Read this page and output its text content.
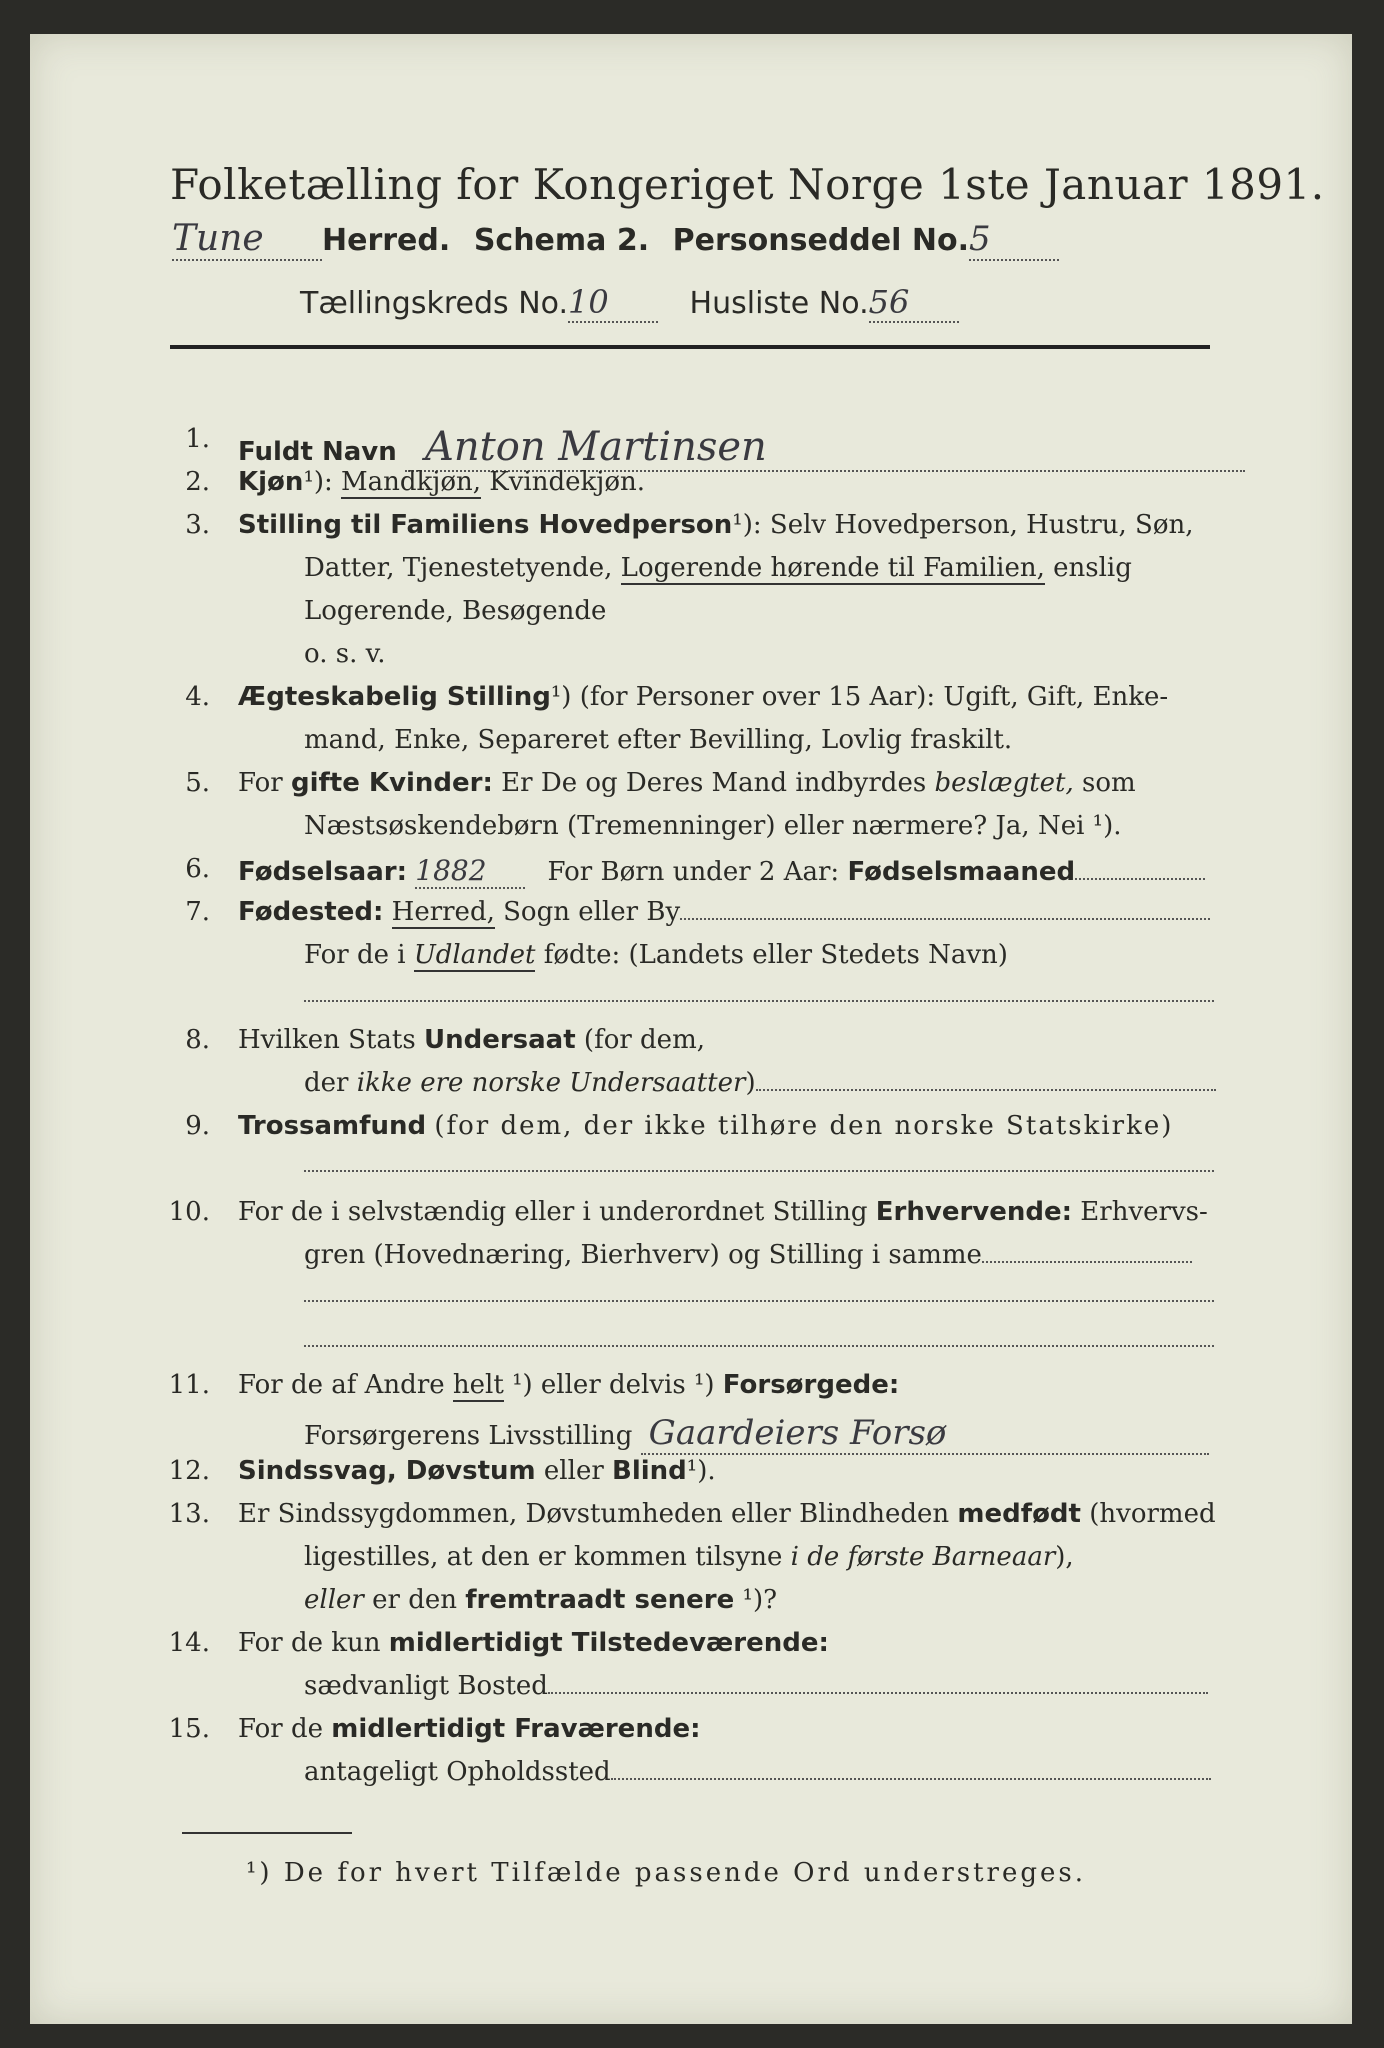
Folketælling for Kongeriget Norge 1ste Januar 1891.
Tune Herred. Schema 2. Personseddel No.5
Tællingskreds No.10	Husliste No.56
1. Fuldt Navn Anton Martinsen
2. Kjøn¹): Mandkjøn, Kvindekjøn.
3. Stilling til Familiens Hovedperson¹): Selv Hovedperson, Hustru, Søn,
Datter, Tjenestetyende, Logerende hørende til Familien, enslig
Logerende, Besøgende
o. s. v.
4. Ægteskabelig Stilling¹) (for Personer over 15 Aar): Ugift, Gift, Enke-
mand, Enke, Separeret efter Bevilling, Lovlig fraskilt.
5. For gifte Kvinder: Er De og Deres Mand indbyrdes beslægtet, som
Næstsøskendebørn (Tremenninger) eller nærmere? Ja, Nei ¹).
6. Fødselsaar: 1882 For Børn under 2 Aar: Fødselsmaaned
7. Fødested: Herred, Sogn eller By
For de i Udlandet fødte: (Landets eller Stedets Navn)
8. Hvilken Stats Undersaat (for dem,
der ikke ere norske Undersaatter)
9. Trossamfund (for dem, der ikke tilhøre den norske Statskirke)
10. For de i selvstændig eller i underordnet Stilling Erhvervende: Erhvervs-
gren (Hovednæring, Bierhverv) og Stilling i samme
11. For de af Andre helt ¹) eller delvis ¹) Forsørgede:
Forsørgerens Livsstilling Gaardeiers Forsø
12. Sindssvag, Døvstum eller Blind¹).
13. Er Sindssygdommen, Døvstumheden eller Blindheden medfødt (hvormed
ligestilles, at den er kommen tilsyne i de første Barneaar),
eller er den fremtraadt senere ¹)?
14. For de kun midlertidigt Tilstedeværende:
sædvanligt Bosted
15. For de midlertidigt Fraværende:
antageligt Opholdssted
¹) De for hvert Tilfælde passende Ord understreges.
